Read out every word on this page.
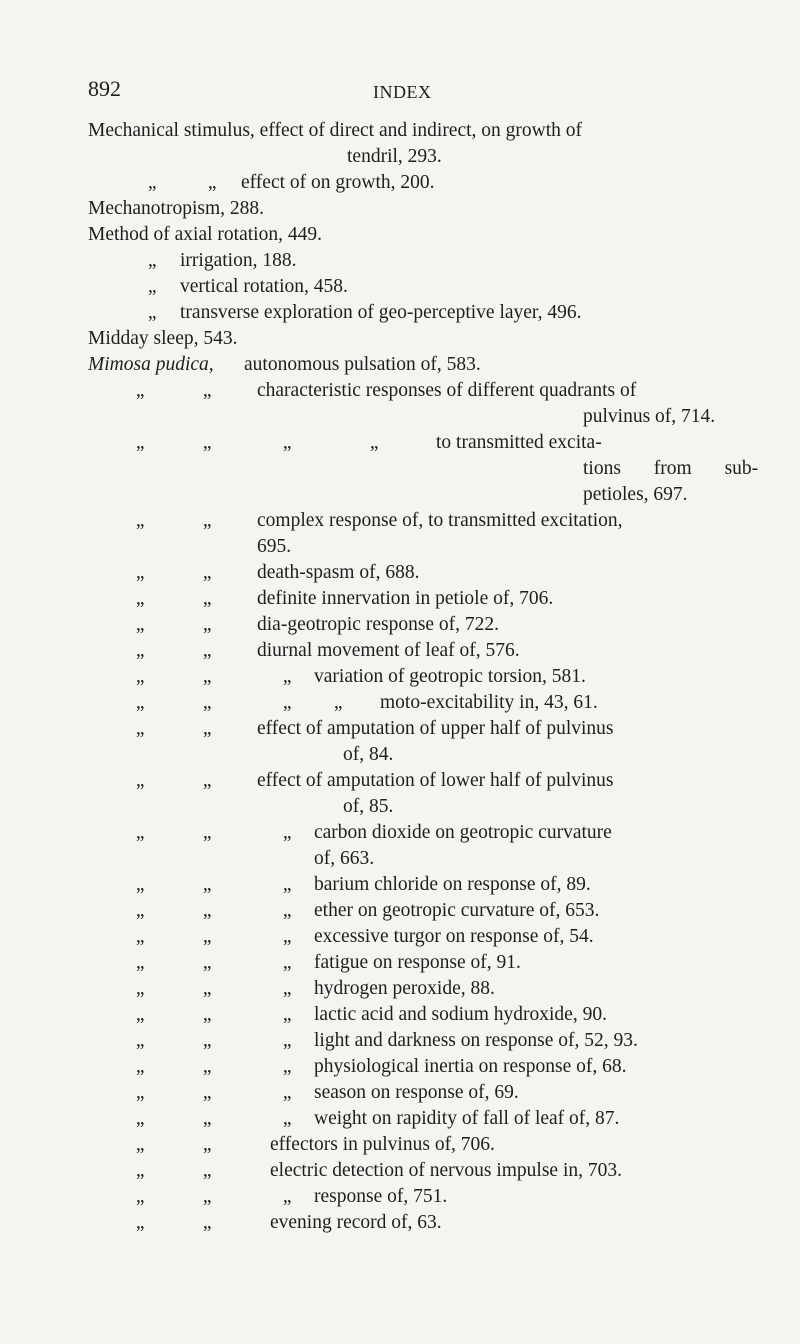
892	INDEX
Mechanical stimulus, effect of direct and indirect, on growth of
tendril, 293.
,,	,, effect of on growth, 200.
Mechanotropism, 288.
Method of axial rotation, 449.
,, irrigation, 188.
,, vertical rotation, 458.
,, transverse exploration of geo-perceptive layer, 496.
Midday sleep, 543.
Mimosa pudica, autonomous pulsation of, 583.
,,	,, characteristic responses of different quadrants of
pulvinus of, 714.
,,	,,	,,	,,	to transmitted excita-
tions from sub-
petioles, 697.
,,	,, complex response of, to transmitted excitation,
695.
,,	,, death-spasm of, 688.
,,	,, definite innervation in petiole of, 706.
,,	,, dia-geotropic response of, 722.
,,	,, diurnal movement of leaf of, 576.
,,	,,	,, variation of geotropic torsion, 581.
,,	,,	,, ,, moto-excitability in, 43, 61.
,,	,, effect of amputation of upper half of pulvinus
of, 84.
,,	,, effect of amputation of lower half of pulvinus
of, 85.
,,	,,	,, carbon dioxide on geotropic curvature
of, 663.
,,	,,	,, barium chloride on response of, 89.
,,	,,	,, ether on geotropic curvature of, 653.
,,	,,	,, excessive turgor on response of, 54.
,,	,,	,, fatigue on response of, 91.
,,	,,	,, hydrogen peroxide, 88.
,,	,,	,, lactic acid and sodium hydroxide, 90.
,,	,,	,, light and darkness on response of, 52, 93.
,,	,,	,, physiological inertia on response of, 68.
,,	,,	,, season on response of, 69.
,,	,,	,, weight on rapidity of fall of leaf of, 87.
,,	,,	effectors in pulvinus of, 706.
,,	,,	electric detection of nervous impulse in, 703.
,,	,,	,, response of, 751.
,,	,,	evening record of, 63.
